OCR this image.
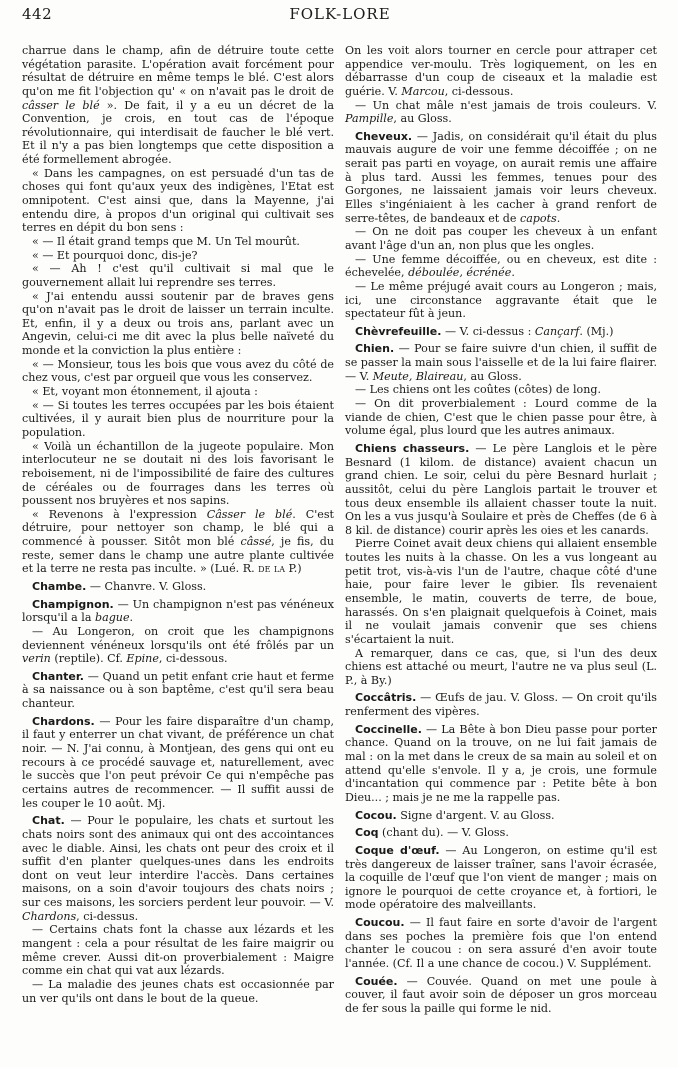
442	FOLK-LORE

charrue dans le champ, afin de détruire toute cette végétation parasite. L'opération avait forcément pour résultat de détruire en même temps le blé. C'est alors qu'on me fit l'objection qu' « on n'avait pas le droit de câsser le blé ». De fait, il y a eu un décret de la Convention, je crois, en tout cas de l'époque révolutionnaire, qui interdisait de faucher le blé vert. Et il n'y a pas bien longtemps que cette disposition a été formellement abrogée.

« Dans les campagnes, on est persuadé d'un tas de choses qui font qu'aux yeux des indigènes, l'Etat est omnipotent. C'est ainsi que, dans la Mayenne, j'ai entendu dire, à propos d'un original qui cultivait ses terres en dépit du bon sens :

« — Il était grand temps que M. Un Tel mourût.

« — Et pourquoi donc, dis-je?

« — Ah ! c'est qu'il cultivait si mal que le gouvernement allait lui reprendre ses terres.

« J'ai entendu aussi soutenir par de braves gens qu'on n'avait pas le droit de laisser un terrain inculte. Et, enfin, il y a deux ou trois ans, parlant avec un Angevin, celui-ci me dit avec la plus belle naïveté du monde et la conviction la plus entière :

« — Monsieur, tous les bois que vous avez du côté de chez vous, c'est par orgueil que vous les conservez.

« Et, voyant mon étonnement, il ajouta :

« — Si toutes les terres occupées par les bois étaient cultivées, il y aurait bien plus de nourriture pour la population.

« Voilà un échantillon de la jugeote populaire. Mon interlocuteur ne se doutait ni des lois favorisant le reboisement, ni de l'impossibilité de faire des cultures de céréales ou de fourrages dans les terres où poussent nos bruyères et nos sapins.

« Revenons à l'expression Câsser le blé. C'est détruire, pour nettoyer son champ, le blé qui a commencé à pousser. Sitôt mon blé câssé, je fis, du reste, semer dans le champ une autre plante cultivée et la terre ne resta pas inculte. » (Lué. R. de la P.)

Chambe. — Chanvre. V. Gloss.

Champignon. — Un champignon n'est pas vénéneux lorsqu'il a la bague.

— Au Longeron, on croit que les champignons deviennent vénéneux lorsqu'ils ont été frôlés par un verin (reptile). Cf. Epine, ci-dessous.

Chanter. — Quand un petit enfant crie haut et ferme à sa naissance ou à son baptême, c'est qu'il sera beau chanteur.

Chardons. — Pour les faire disparaître d'un champ, il faut y enterrer un chat vivant, de préférence un chat noir. — N. J'ai connu, à Montjean, des gens qui ont eu recours à ce procédé sauvage et, naturellement, avec le succès que l'on peut prévoir Ce qui n'empêche pas certains autres de recommencer. — Il suffit aussi de les couper le 10 août. Mj.

Chat. — Pour le populaire, les chats et surtout les chats noirs sont des animaux qui ont des accointances avec le diable. Ainsi, les chats ont peur des croix et il suffit d'en planter quelques-unes dans les endroits dont on veut leur interdire l'accès. Dans certaines maisons, on a soin d'avoir toujours des chats noirs ; sur ces maisons, les sorciers perdent leur pouvoir. — V. Chardons, ci-dessus.

— Certains chats font la chasse aux lézards et les mangent : cela a pour résultat de les faire maigrir ou même crever. Aussi dit-on proverbialement : Maigre comme ein chat qui vat aux lézards.

— La maladie des jeunes chats est occasionnée par un ver qu'ils ont dans le bout de la queue.

On les voit alors tourner en cercle pour attraper cet appendice ver-moulu. Très logiquement, on les en débarrasse d'un coup de ciseaux et la maladie est guérie. V. Marcou, ci-dessous.

— Un chat mâle n'est jamais de trois couleurs. V. Pampille, au Gloss.

Cheveux. — Jadis, on considérait qu'il était du plus mauvais augure de voir une femme décoiffée ; on ne serait pas parti en voyage, on aurait remis une affaire à plus tard. Aussi les femmes, tenues pour des Gorgones, ne laissaient jamais voir leurs cheveux. Elles s'ingéniaient à les cacher à grand renfort de serre-têtes, de bandeaux et de capots.

— On ne doit pas couper les cheveux à un enfant avant l'âge d'un an, non plus que les ongles.

— Une femme décoiffée, ou en cheveux, est dite : échevelée, déboulée, écrénée.

— Le même préjugé avait cours au Longeron ; mais, ici, une circonstance aggravante était que le spectateur fût à jeun.

Chèvrefeuille. — V. ci-dessus : Cançarf. (Mj.)

Chien. — Pour se faire suivre d'un chien, il suffit de se passer la main sous l'aisselle et de la lui faire flairer. — V. Meute, Blaireau, au Gloss.

— Les chiens ont les coûtes (côtes) de long.

— On dit proverbialement : Lourd comme de la viande de chien, C'est que le chien passe pour être, à volume égal, plus lourd que les autres animaux.

Chiens chasseurs. — Le père Langlois et le père Besnard (1 kilom. de distance) avaient chacun un grand chien. Le soir, celui du père Besnard hurlait ; aussitôt, celui du père Langlois partait le trouver et tous deux ensemble ils allaient chasser toute la nuit. On les a vus jusqu'à Soulaire et près de Cheffes (de 6 à 8 kil. de distance) courir après les oies et les canards.

Pierre Coinet avait deux chiens qui allaient ensemble toutes les nuits à la chasse. On les a vus longeant au petit trot, vis-à-vis l'un de l'autre, chaque côté d'une haie, pour faire lever le gibier. Ils revenaient ensemble, le matin, couverts de terre, de boue, harassés. On s'en plaignait quelquefois à Coinet, mais il ne voulait jamais convenir que ses chiens s'écartaient la nuit.

A remarquer, dans ce cas, que, si l'un des deux chiens est attaché ou meurt, l'autre ne va plus seul (L. P., à By.)

Coccâtris. — Œufs de jau. V. Gloss. — On croit qu'ils renferment des vipères.

Coccinelle. — La Bête à bon Dieu passe pour porter chance. Quand on la trouve, on ne lui fait jamais de mal : on la met dans le creux de sa main au soleil et on attend qu'elle s'envole. Il y a, je crois, une formule d'incantation qui commence par : Petite bête à bon Dieu... ; mais je ne me la rappelle pas.

Cocou. Signe d'argent. V. au Gloss.

Coq (chant du). — V. Gloss.

Coque d'œuf. — Au Longeron, on estime qu'il est très dangereux de laisser traîner, sans l'avoir écrasée, la coquille de l'œuf que l'on vient de manger ; mais on ignore le pourquoi de cette croyance et, à fortiori, le mode opératoire des malveillants.

Coucou. — Il faut faire en sorte d'avoir de l'argent dans ses poches la première fois que l'on entend chanter le coucou : on sera assuré d'en avoir toute l'année. (Cf. Il a une chance de cocou.) V. Supplément.

Couée. — Couvée. Quand on met une poule à couver, il faut avoir soin de déposer un gros morceau de fer sous la paille qui forme le nid.
